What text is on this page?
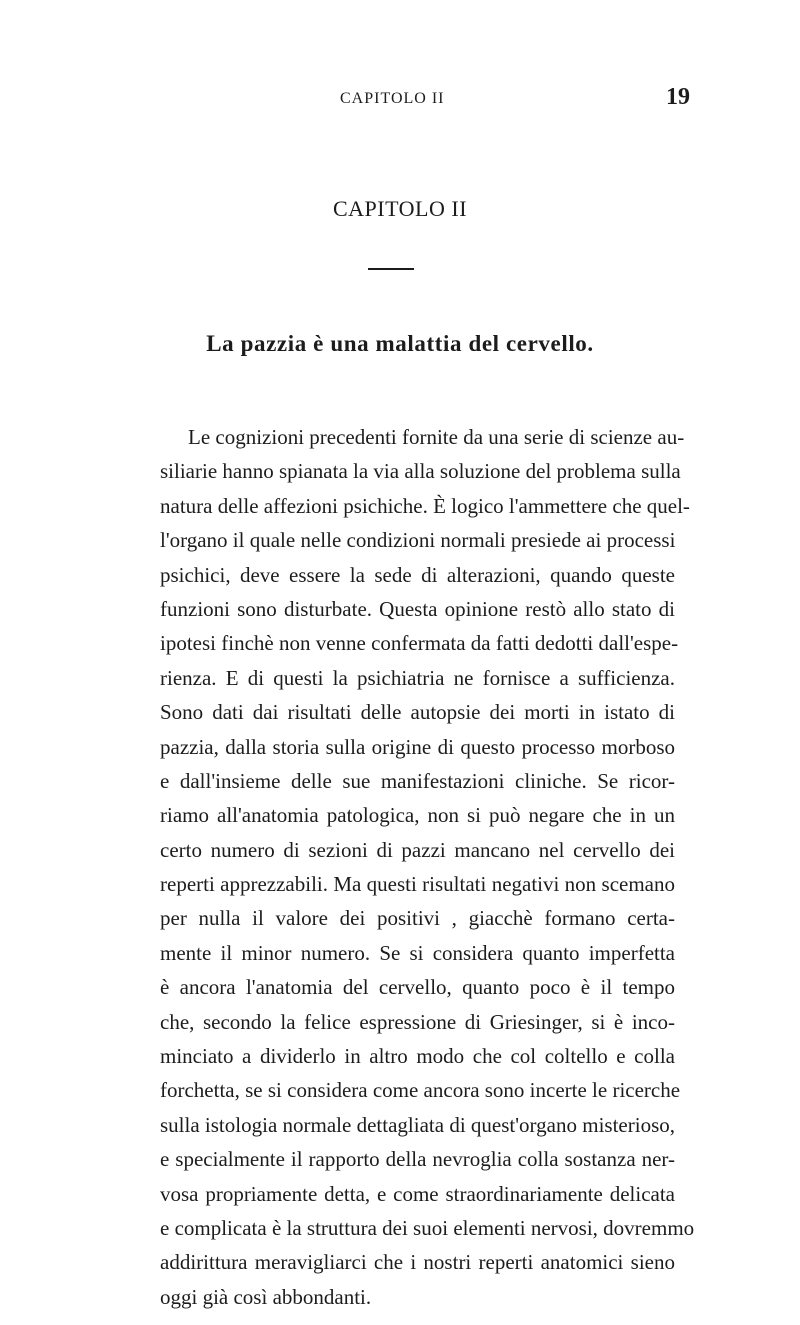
CAPITOLO II	19
CAPITOLO II
La pazzia è una malattia del cervello.
Le cognizioni precedenti fornite da una serie di scienze au-
siliarie hanno spianata la via alla soluzione del problema sulla
natura delle affezioni psichiche. È logico l'ammettere che quel-
l'organo il quale nelle condizioni normali presiede ai processi
psichici, deve essere la sede di alterazioni, quando queste
funzioni sono disturbate. Questa opinione restò allo stato di
ipotesi finchè non venne confermata da fatti dedotti dall'espe-
rienza. E di questi la psichiatria ne fornisce a sufficienza.
Sono dati dai risultati delle autopsie dei morti in istato di
pazzia, dalla storia sulla origine di questo processo morboso
e dall'insieme delle sue manifestazioni cliniche. Se ricor-
riamo all'anatomia patologica, non si può negare che in un
certo numero di sezioni di pazzi mancano nel cervello dei
reperti apprezzabili. Ma questi risultati negativi non scemano
per nulla il valore dei positivi , giacchè formano certa-
mente il minor numero. Se si considera quanto imperfetta
è ancora l'anatomia del cervello, quanto poco è il tempo
che, secondo la felice espressione di Griesinger, si è inco-
minciato a dividerlo in altro modo che col coltello e colla
forchetta, se si considera come ancora sono incerte le ricerche
sulla istologia normale dettagliata di quest'organo misterioso,
e specialmente il rapporto della nevroglia colla sostanza ner-
vosa propriamente detta, e come straordinariamente delicata
e complicata è la struttura dei suoi elementi nervosi, dovremmo
addirittura meravigliarci che i nostri reperti anatomici sieno
oggi già così abbondanti.
